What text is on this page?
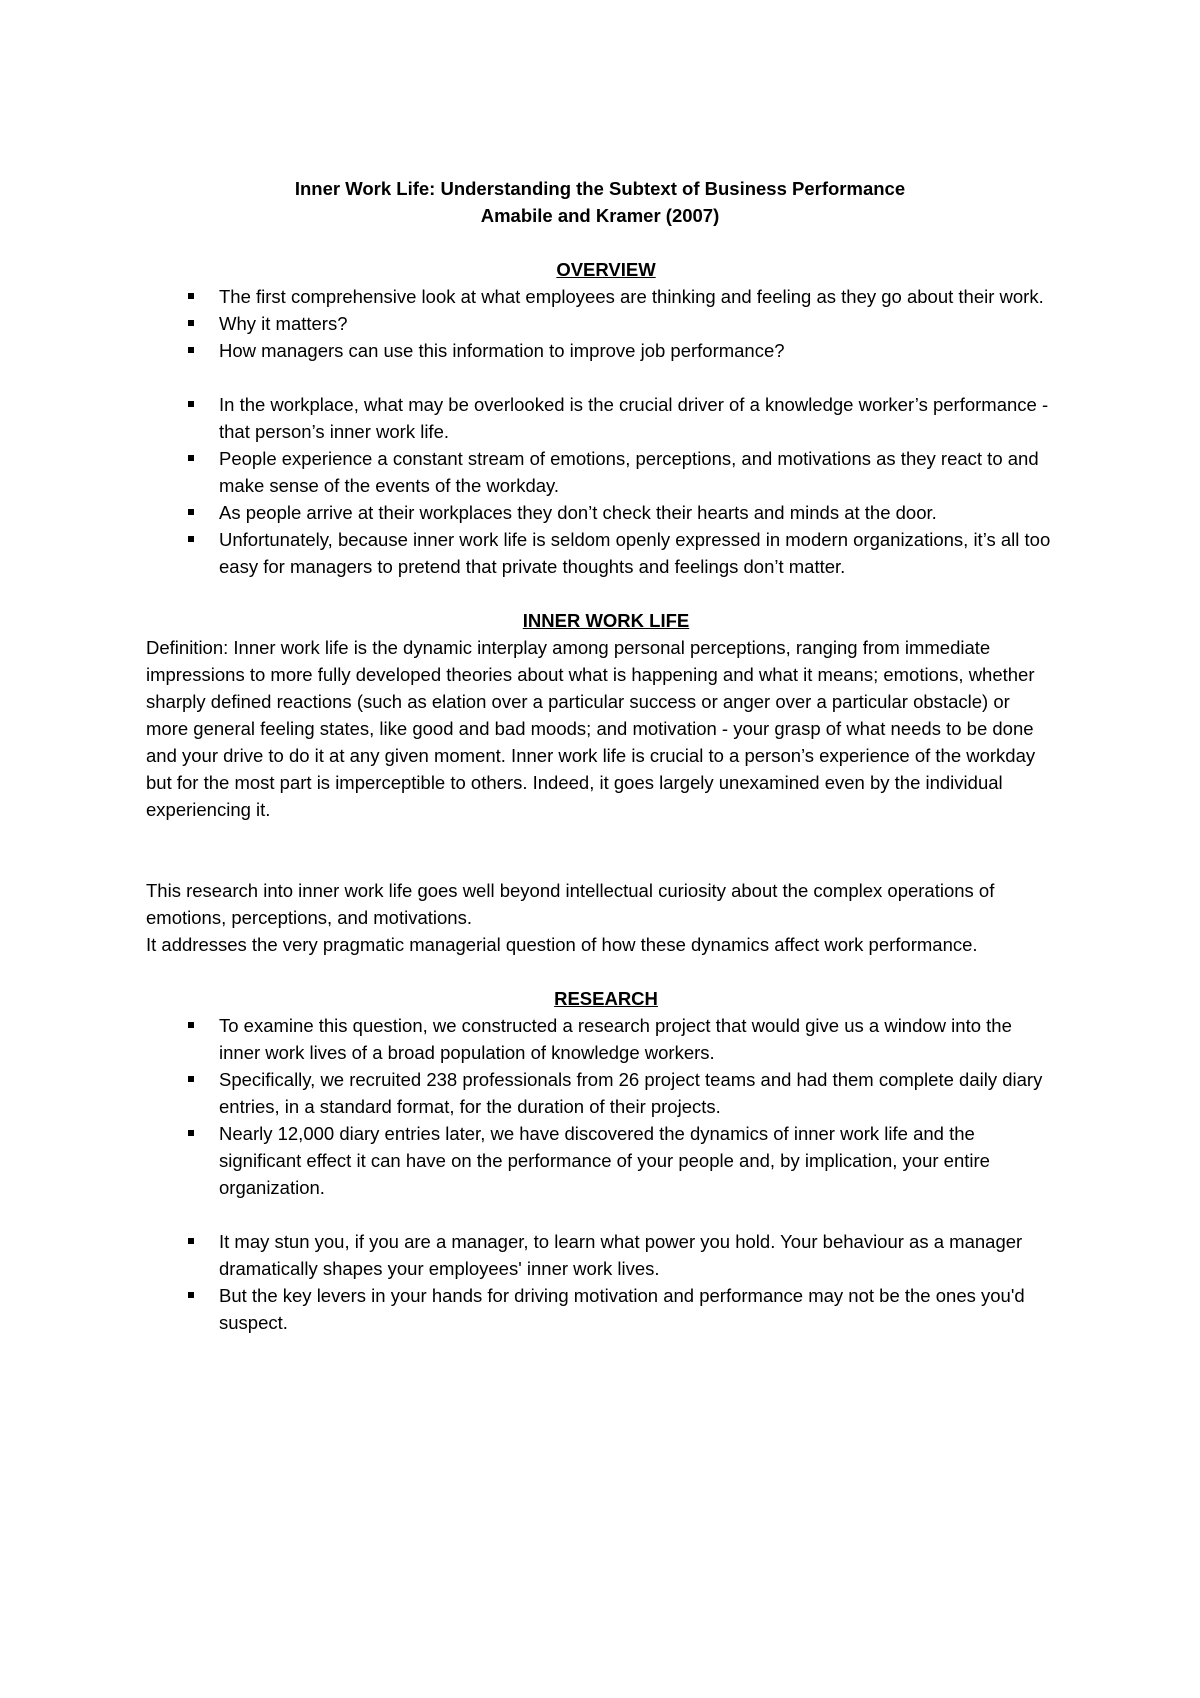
Inner Work Life: Understanding the Subtext of Business Performance
Amabile and Kramer (2007)
OVERVIEW
The first comprehensive look at what employees are thinking and feeling as they go about their work.
Why it matters?
How managers can use this information to improve job performance?
In the workplace, what may be overlooked is the crucial driver of a knowledge worker’s performance - that person’s inner work life.
People experience a constant stream of emotions, perceptions, and motivations as they react to and make sense of the events of the workday.
As people arrive at their workplaces they don’t check their hearts and minds at the door.
Unfortunately, because inner work life is seldom openly expressed in modern organizations, it’s all too easy for managers to pretend that private thoughts and feelings don’t matter.
INNER WORK LIFE

Definition: Inner work life is the dynamic interplay among personal perceptions, ranging from immediate impressions to more fully developed theories about what is happening and what it means; emotions, whether sharply defined reactions (such as elation over a particular success or anger over a particular obstacle) or more general feeling states, like good and bad moods; and motivation - your grasp of what needs to be done and your drive to do it at any given moment. Inner work life is crucial to a person’s experience of the workday but for the most part is imperceptible to others. Indeed, it goes largely unexamined even by the individual experiencing it.

This research into inner work life goes well beyond intellectual curiosity about the complex operations of emotions, perceptions, and motivations.

It addresses the very pragmatic managerial question of how these dynamics affect work performance.

RESEARCH
To examine this question, we constructed a research project that would give us a window into the inner work lives of a broad population of knowledge workers.
Specifically, we recruited 238 professionals from 26 project teams and had them complete daily diary entries, in a standard format, for the duration of their projects.
Nearly 12,000 diary entries later, we have discovered the dynamics of inner work life and the significant effect it can have on the performance of your people and, by implication, your entire organization.
It may stun you, if you are a manager, to learn what power you hold. Your behaviour as a manager dramatically shapes your employees' inner work lives.
But the key levers in your hands for driving motivation and performance may not be the ones you'd suspect.
